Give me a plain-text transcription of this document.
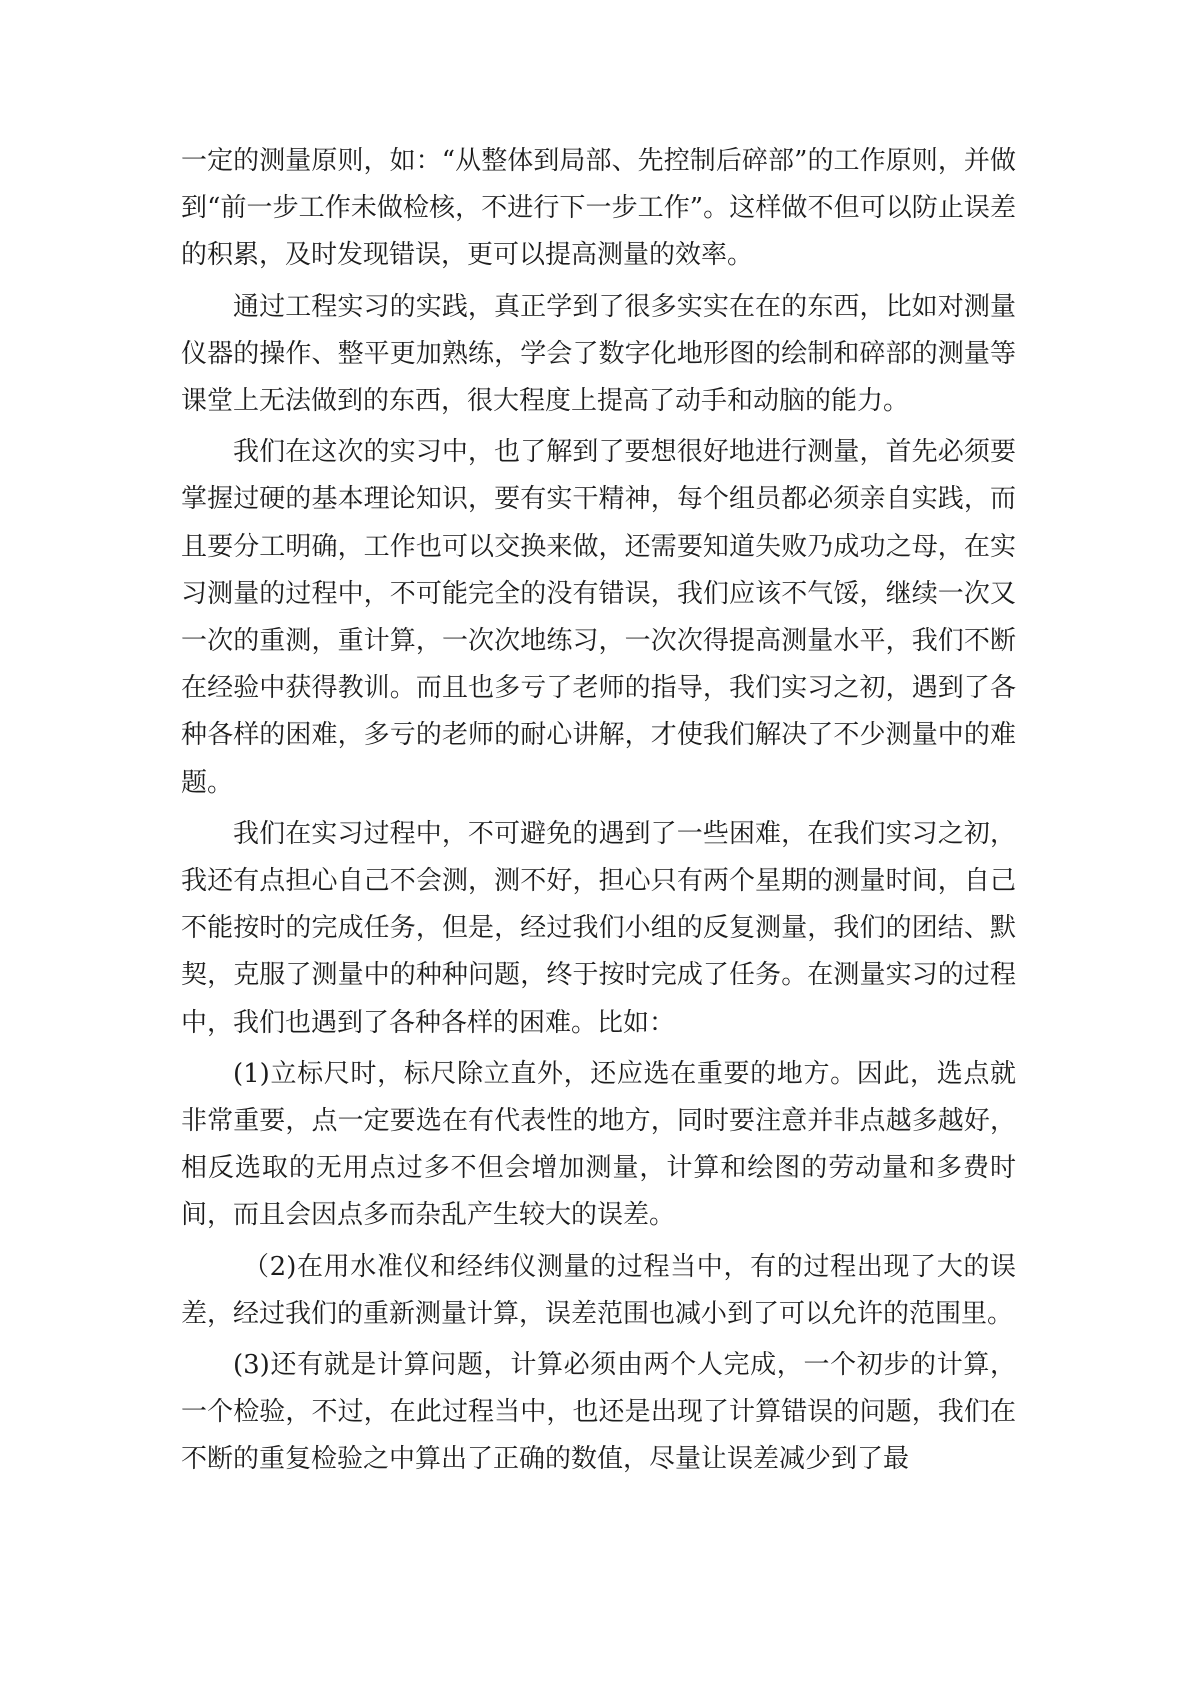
一定的测量原则，如：“从整体到局部、先控制后碎部”的工作原则，并做到“前一步工作未做检核，不进行下一步工作”。这样做不但可以防止误差的积累，及时发现错误，更可以提高测量的效率。

通过工程实习的实践，真正学到了很多实实在在的东西，比如对测量仪器的操作、整平更加熟练，学会了数字化地形图的绘制和碎部的测量等课堂上无法做到的东西，很大程度上提高了动手和动脑的能力。

我们在这次的实习中，也了解到了要想很好地进行测量，首先必须要掌握过硬的基本理论知识，要有实干精神，每个组员都必须亲自实践，而且要分工明确，工作也可以交换来做，还需要知道失败乃成功之母，在实习测量的过程中，不可能完全的没有错误，我们应该不气馁，继续一次又一次的重测，重计算，一次次地练习，一次次得提高测量水平，我们不断在经验中获得教训。而且也多亏了老师的指导，我们实习之初，遇到了各种各样的困难，多亏的老师的耐心讲解，才使我们解决了不少测量中的难题。

我们在实习过程中，不可避免的遇到了一些困难，在我们实习之初，我还有点担心自己不会测，测不好，担心只有两个星期的测量时间，自己不能按时的完成任务，但是，经过我们小组的反复测量，我们的团结、默契，克服了测量中的种种问题，终于按时完成了任务。在测量实习的过程中，我们也遇到了各种各样的困难。比如：

(1)立标尺时，标尺除立直外，还应选在重要的地方。因此，选点就非常重要，点一定要选在有代表性的地方，同时要注意并非点越多越好，相反选取的无用点过多不但会增加测量，计算和绘图的劳动量和多费时间，而且会因点多而杂乱产生较大的误差。

（2)在用水准仪和经纬仪测量的过程当中，有的过程出现了大的误差，经过我们的重新测量计算，误差范围也减小到了可以允许的范围里。

(3)还有就是计算问题，计算必须由两个人完成，一个初步的计算，一个检验，不过，在此过程当中，也还是出现了计算错误的问题，我们在不断的重复检验之中算出了正确的数值，尽量让误差减少到了最
